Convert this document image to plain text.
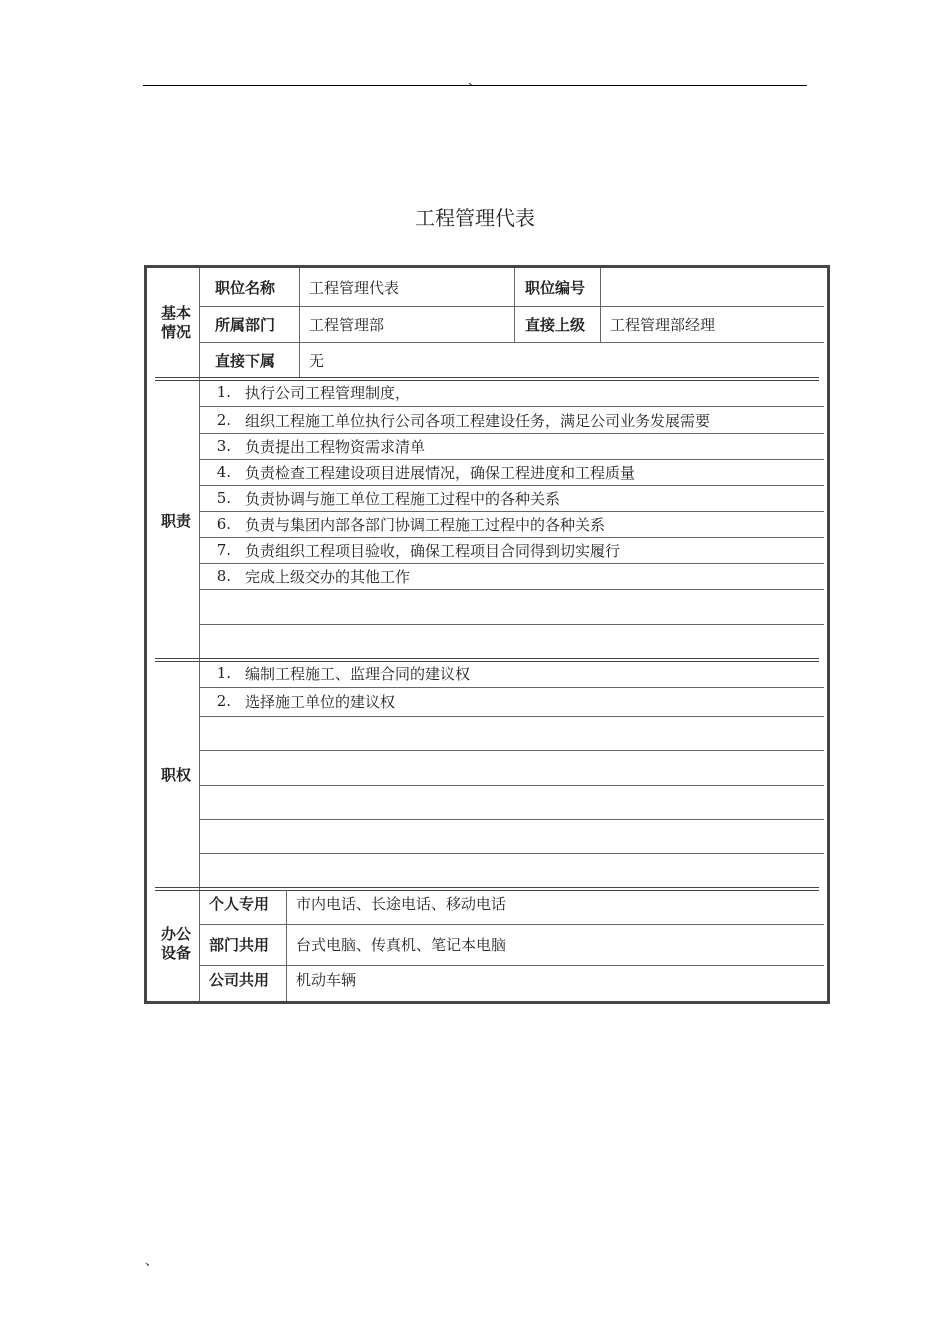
、
工程管理代表
基本
情况
职位名称 工程管理代表	职位编号
所属部门 工程管理部	直接上级 工程管理部经理
直接下属 无
职责
1. 执行公司工程管理制度，
2. 组织工程施工单位执行公司各项工程建设任务，满足公司业务发展需要
3. 负责提出工程物资需求清单
4. 负责检查工程建设项目进展情况，确保工程进度和工程质量
5. 负责协调与施工单位工程施工过程中的各种关系
6. 负责与集团内部各部门协调工程施工过程中的各种关系
7. 负责组织工程项目验收，确保工程项目合同得到切实履行
8. 完成上级交办的其他工作
职权
1. 编制工程施工、监理合同的建议权
2. 选择施工单位的建议权
办公
设备
个人专用 市内电话、长途电话、移动电话
部门共用 台式电脑、传真机、笔记本电脑
公司共用 机动车辆
、
